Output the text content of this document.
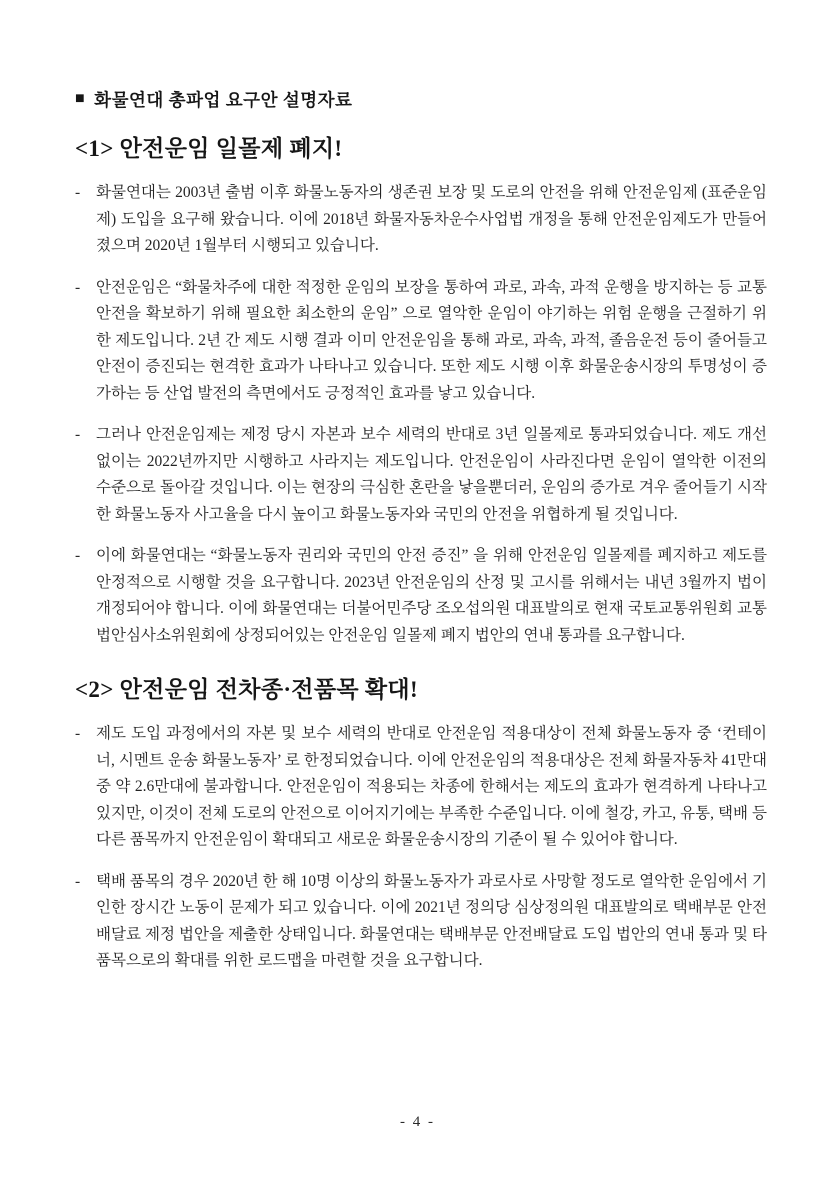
■ 화물연대 총파업 요구안 설명자료
<1> 안전운임 일몰제 폐지!
-	화물연대는 2003년 출범 이후 화물노동자의 생존권 보장 및 도로의 안전을 위해 안전운임제 (표준운임제) 도입을 요구해 왔습니다. 이에 2018년 화물자동차운수사업법 개정을 통해 안전운임제도가 만들어졌으며 2020년 1월부터 시행되고 있습니다.
-	안전운임은 “화물차주에 대한 적정한 운임의 보장을 통하여 과로, 과속, 과적 운행을 방지하는 등 교통안전을 확보하기 위해 필요한 최소한의 운임” 으로 열악한 운임이 야기하는 위험 운행을 근절하기 위한 제도입니다. 2년 간 제도 시행 결과 이미 안전운임을 통해 과로, 과속, 과적, 졸음운전 등이 줄어들고 안전이 증진되는 현격한 효과가 나타나고 있습니다. 또한 제도 시행 이후 화물운송시장의 투명성이 증가하는 등 산업 발전의 측면에서도 긍정적인 효과를 낳고 있습니다.
-	그러나 안전운임제는 제정 당시 자본과 보수 세력의 반대로 3년 일몰제로 통과되었습니다. 제도 개선 없이는 2022년까지만 시행하고 사라지는 제도입니다. 안전운임이 사라진다면 운임이 열악한 이전의 수준으로 돌아갈 것입니다. 이는 현장의 극심한 혼란을 낳을뿐더러, 운임의 증가로 겨우 줄어들기 시작한 화물노동자 사고율을 다시 높이고 화물노동자와 국민의 안전을 위협하게 될 것입니다.
-	이에 화물연대는 “화물노동자 권리와 국민의 안전 증진” 을 위해 안전운임 일몰제를 폐지하고 제도를 안정적으로 시행할 것을 요구합니다. 2023년 안전운임의 산정 및 고시를 위해서는 내년 3월까지 법이 개정되어야 합니다. 이에 화물연대는 더불어민주당 조오섭의원 대표발의로 현재 국토교통위원회 교통법안심사소위원회에 상정되어있는 안전운임 일몰제 폐지 법안의 연내 통과를 요구합니다.
<2> 안전운임 전차종·전품목 확대!
-	제도 도입 과정에서의 자본 및 보수 세력의 반대로 안전운임 적용대상이 전체 화물노동자 중 ‘컨테이너, 시멘트 운송 화물노동자’ 로 한정되었습니다. 이에 안전운임의 적용대상은 전체 화물자동차 41만대 중 약 2.6만대에 불과합니다. 안전운임이 적용되는 차종에 한해서는 제도의 효과가 현격하게 나타나고 있지만, 이것이 전체 도로의 안전으로 이어지기에는 부족한 수준입니다. 이에 철강, 카고, 유통, 택배 등 다른 품목까지 안전운임이 확대되고 새로운 화물운송시장의 기준이 될 수 있어야 합니다.
-	택배 품목의 경우 2020년 한 해 10명 이상의 화물노동자가 과로사로 사망할 정도로 열악한 운임에서 기인한 장시간 노동이 문제가 되고 있습니다. 이에 2021년 정의당 심상정의원 대표발의로 택배부문 안전배달료 제정 법안을 제출한 상태입니다. 화물연대는 택배부문 안전배달료 도입 법안의 연내 통과 및 타품목으로의 확대를 위한 로드맵을 마련할 것을 요구합니다.
- 4 -
